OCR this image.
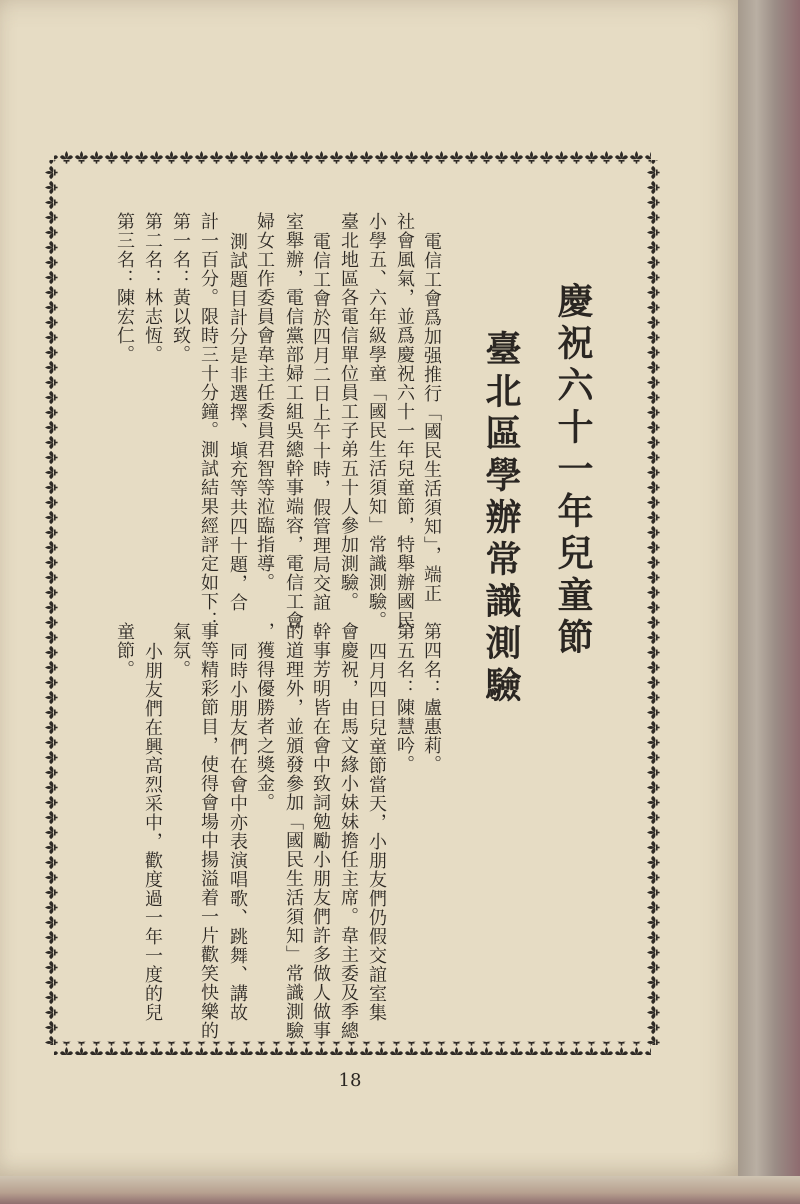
慶祝六十一年兒童節
臺北區學辦常識測驗
電信工會爲加强推行「國民生活須知」，端正
社會風氣，並爲慶祝六十一年兒童節，特舉辦國民
小學五、六年級學童「國民生活須知」常識測驗。
臺北地區各電信單位員工子弟五十人參加測驗。
電信工會於四月二日上午十時，假管理局交誼
室舉辦，電信黨部婦工組吳總幹事端容，電信工會
婦女工作委員會韋主任委員君智等涖臨指導。
測試題目計分是非選擇、塡充等共四十題，合
計一百分。限時三十分鐘。測試結果經評定如下：
第一名：黃以致。
第二名：林志恆。
第三名：陳宏仁。
第四名：盧惠莉。
第五名：陳慧吟。
四月四日兒童節當天，小朋友們仍假交誼室集
會慶祝，由馬文緣小妹妹擔任主席。韋主委及季總
幹事芳明皆在會中致詞勉勵小朋友們許多做人做事
的道理外，並頒發參加「國民生活須知」常識測驗
，獲得優勝者之獎金。
同時小朋友們在會中亦表演唱歌、跳舞、講故
事等精彩節目，使得會場中揚溢着一片歡笑快樂的
氣氛。
小朋友們在興高烈采中，歡度過一年一度的兒
童節。
18
